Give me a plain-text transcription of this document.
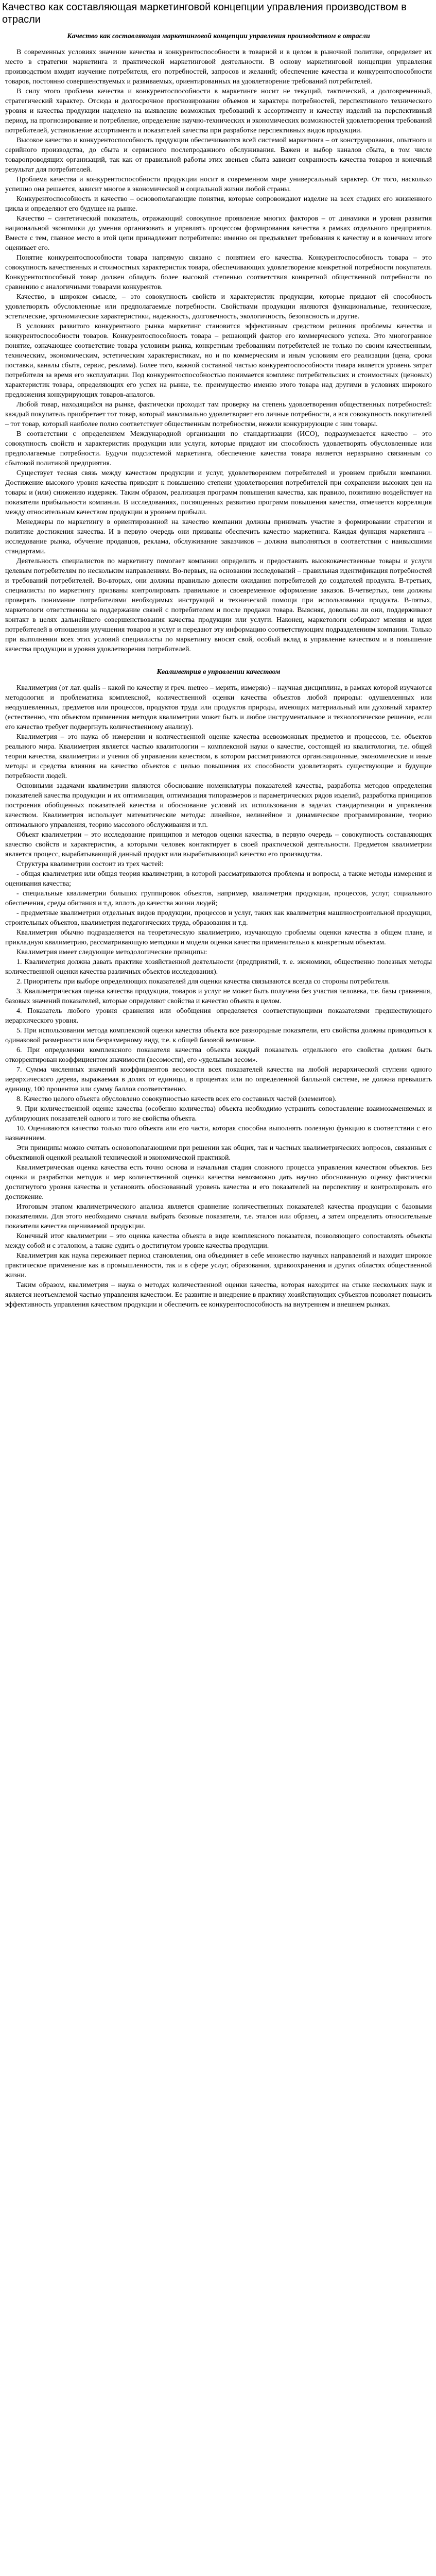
Качество как составляющая маркетинговой концепции управления производством в отрасли
Качество как составляющая маркетинговой концепции управления производством в отрасли

В современных условиях значение качества и конкурентоспособности в товарной и в целом в рыночной политике, определяет их место в стратегии маркетинга и практической маркетинговой деятельности. В основу маркетинговой концепции управления производством входит изучение потребителя, его потребностей, запросов и желаний; обеспечение качества и конкурентоспособности товаров, постоянно совершенствуемых и развиваемых, ориентированных на удовлетворение требований потребителей.

В силу этого проблема качества и конкурентоспособности в маркетинге носит не текущий, тактический, а долговременный, стратегический характер. Отсюда и долгосрочное прогнозирование объемов и характера потребностей, перспективного технического уровня и качества продукции нацелено на выявление возможных требований к ассортименту и качеству изделий на перспективный период, на прогнозирование и потребление, определение научно-технических и экономических возможностей удовлетворения требований потребителей, установление ассортимента и показателей качества при разработке перспективных видов продукции.

Высокое качество и конкурентоспособность продукции обеспечиваются всей системой маркетинга – от конструирования, опытного и серийного производства, до сбыта и сервисного послепродажного обслуживания. Важен и выбор каналов сбыта, в том числе товаропроводящих организаций, так как от правильной работы этих звеньев сбыта зависит сохранность качества товаров и конечный результат для потребителей.

Проблема качества и конкурентоспособности продукции носит в современном мире универсальный характер. От того, насколько успешно она решается, зависит многое в экономической и социальной жизни любой страны.

Конкурентоспособность и качество – основополагающие понятия, которые сопровождают изделие на всех стадиях его жизненного цикла и определяют его будущее на рынке.

Качество – синтетический показатель, отражающий совокупное проявление многих факторов – от динамики и уровня развития национальной экономики до умения организовать и управлять процессом формирования качества в рамках отдельного предприятия. Вместе с тем, главное место в этой цепи принадлежит потребителю: именно он предъявляет требования к качеству и в конечном итоге оценивает его.

Понятие конкурентоспособности товара напрямую связано с понятием его качества. Конкурентоспособность товара – это совокупность качественных и стоимостных характеристик товара, обеспечивающих удовлетворение конкретной потребности покупателя. Конкурентоспособный товар должен обладать более высокой степенью соответствия конкретной общественной потребности по сравнению с аналогичными товарами конкурентов.

Качество, в широком смысле, – это совокупность свойств и характеристик продукции, которые придают ей способность удовлетворять обусловленные или предполагаемые потребности. Свойствами продукции являются функциональные, технические, эстетические, эргономические характеристики, надежность, долговечность, экологичность, безопасность и другие.

В условиях развитого конкурентного рынка маркетинг становится эффективным средством решения проблемы качества и конкурентоспособности товаров. Конкурентоспособность товара – решающий фактор его коммерческого успеха. Это многогранное понятие, означающее соответствие товара условиям рынка, конкретным требованиям потребителей не только по своим качественным, техническим, экономическим, эстетическим характеристикам, но и по коммерческим и иным условиям его реализации (цена, сроки поставки, каналы сбыта, сервис, реклама). Более того, важной составной частью конкурентоспособности товара является уровень затрат потребителя за время его эксплуатации. Под конкурентоспособностью понимается комплекс потребительских и стоимостных (ценовых) характеристик товара, определяющих его успех на рынке, т.е. преимущество именно этого товара над другими в условиях широкого предложения конкурирующих товаров-аналогов.

Любой товар, находящийся на рынке, фактически проходит там проверку на степень удовлетворения общественных потребностей: каждый покупатель приобретает тот товар, который максимально удовлетворяет его личные потребности, а вся совокупность покупателей – тот товар, который наиболее полно соответствует общественным потребностям, нежели конкурирующие с ним товары.

В соответствии с определением Международной организации по стандартизации (ИСО), подразумевается качество – это совокупность свойств и характеристик продукции или услуги, которые придают им способность удовлетворять обусловленные или предполагаемые потребности. Будучи подсистемой маркетинга, обеспечение качества товара является неразрывно связанным со сбытовой политикой предприятия.

Существует тесная связь между качеством продукции и услуг, удовлетворением потребителей и уровнем прибыли компании. Достижение высокого уровня качества приводит к повышению степени удовлетворения потребителей при сохранении высоких цен на товары и (или) снижению издержек. Таким образом, реализация программ повышения качества, как правило, позитивно воздействует на показатели прибыльности компании. В исследованиях, посвященных развитию программ повышения качества, отмечается корреляция между относительным качеством продукции и уровнем прибыли.

Менеджеры по маркетингу в ориентированной на качество компании должны принимать участие в формировании стратегии и политике достижения качества. И в первую очередь они призваны обеспечить качество маркетинга. Каждая функция маркетинга – исследование рынка, обучение продавцов, реклама, обслуживание заказчиков – должна выполняться в соответствии с наивысшими стандартами.

Деятельность специалистов по маркетингу помогает компании определить и предоставить высококачественные товары и услуги целевым потребителям по нескольким направлениям. Во-первых, на основании исследований – правильная идентификация потребностей и требований потребителей. Во-вторых, они должны правильно донести ожидания потребителей до создателей продукта. В-третьих, специалисты по маркетингу призваны контролировать правильное и своевременное оформление заказов. В-четвертых, они должны проверять понимание потребителями необходимых инструкций и технической помощи при использовании продукта. В-пятых, маркетологи ответственны за поддержание связей с потребителем и после продажи товара. Выясняя, довольны ли они, поддерживают контакт в целях дальнейшего совершенствования качества продукции или услуги. Наконец, маркетологи собирают мнения и идеи потребителей в отношении улучшения товаров и услуг и передают эту информацию соответствующим подразделениям компании. Только при выполнении всех этих условий специалисты по маркетингу вносят свой, особый вклад в управление качеством и в повышение качества продукции и уровня удовлетворения потребителей.

Квалиметрия в управлении качеством

Квалиметрия (от лат. qualis – какой по качеству и греч. metreo – мерить, измеряю) – научная дисциплина, в рамках которой изучаются методология и проблематика комплексной, количественной оценки качества объектов любой природы: одушевленных или неодушевленных, предметов или процессов, продуктов труда или продуктов природы, имеющих материальный или духовный характер (естественно, что объектом применения методов квалиметрии может быть и любое инструментальное и технологическое решение, если его качество требует подвергнуть количественному анализу).

Квалиметрия – это наука об измерении и количественной оценке качества всевозможных предметов и процессов, т.е. объектов реального мира. Квалиметрия является частью квалитологии – комплексной науки о качестве, состоящей из квалитологии, т.е. общей теории качества, квалиметрии и учения об управлении качеством, в котором рассматриваются организационные, экономические и иные методы и средства влияния на качество объектов с целью повышения их способности удовлетворять существующие и будущие потребности людей.

Основными задачами квалиметрии являются обоснование номенклатуры показателей качества, разработка методов определения показателей качества продукции и их оптимизация, оптимизация типоразмеров и параметрических рядов изделий, разработка принципов построения обобщенных показателей качества и обоснование условий их использования в задачах стандартизации и управления качеством. Квалиметрия использует математические методы: линейное, нелинейное и динамическое программирование, теорию оптимального управления, теорию массового обслуживания и т.п.

Объект квалиметрии – это исследование принципов и методов оценки качества, в первую очередь – совокупность составляющих качество свойств и характеристик, а которыми человек контактирует в своей практической деятельности. Предметом квалиметрии является процесс, вырабатывающий данный продукт или вырабатывающий качество его производства.

Структура квалиметрии состоит из трех частей:

- общая квалиметрия или общая теория квалиметрии, в которой рассматриваются проблемы и вопросы, а также методы измерения и оценивания качества;

- специальные квалиметрии больших группировок объектов, например, квалиметрия продукции, процессов, услуг, социального обеспечения, среды обитания и т.д. вплоть до качества жизни людей;

- предметные квалиметрии отдельных видов продукции, процессов и услуг, таких как квалиметрия машиностроительной продукции, строительных объектов, квалиметрия педагогических труда, образования и т.д.

Квалиметрия обычно подразделяется на теоретическую квалиметрию, изучающую проблемы оценки качества в общем плане, и прикладную квалиметрию, рассматривающую методики и модели оценки качества применительно к конкретным объектам.

Квалиметрия имеет следующие методологические принципы:

1. Квалиметрия должна давать практике хозяйственной деятельности (предприятий, т. е. экономики, общественно полезных методы количественной оценки качества различных объектов исследования).

2. Приоритеты при выборе определяющих показателей для оценки качества связываются всегда со стороны потребителя.

3. Квалиметрическая оценка качества продукции, товаров и услуг не может быть получена без участия человека, т.е. базы сравнения, базовых значений показателей, которые определяют свойства и качество объекта в целом.

4. Показатель любого уровня сравнения или обобщения определяется соответствующими показателями предшествующего иерархического уровня.

5. При использовании метода комплексной оценки качества объекта все разнородные показатели, его свойства должны приводиться к одинаковой размерности или безразмерному виду, т.е. к общей базовой величине.

6. При определении комплексного показателя качества объекта каждый показатель отдельного его свойства должен быть откорректирован коэффициентом значимости (весомости), его «удельным весом».

7. Сумма численных значений коэффициентов весомости всех показателей качества на любой иерархической ступени одного иерархического дерева, выражаемая в долях от единицы, в процентах или по определенной балльной системе, не должна превышать единицу, 100 процентов или сумму баллов соответственно.

8. Качество целого объекта обусловлено совокупностью качеств всех его составных частей (элементов).

9. При количественной оценке качества (особенно количества) объекта необходимо устранить сопоставление взаимозаменяемых и дублирующих показателей одного и того же свойства объекта.

10. Оцениваются качество только того объекта или его части, которая способна выполнять полезную функцию в соответствии с его назначением.

Эти принципы можно считать основополагающими при решении как общих, так и частных квалиметрических вопросов, связанных с объективной оценкой реальной технической и экономической практикой.

Квалиметрическая оценка качества есть точно основа и начальная стадия сложного процесса управления качеством объектов. Без оценки и разработки методов и мер количественной оценки качества невозможно дать научно обоснованную оценку фактически достигнутого уровня качества и установить обоснованный уровень качества и его показателей на перспективу и контролировать его достижение.

Итоговым этапом квалиметрического анализа является сравнение количественных показателей качества продукции с базовыми показателями. Для этого необходимо сначала выбрать базовые показатели, т.е. эталон или образец, а затем определить относительные показатели качества оцениваемой продукции.

Конечный итог квалиметрии – это оценка качества объекта в виде комплексного показателя, позволяющего сопоставлять объекты между собой и с эталоном, а также судить о достигнутом уровне качества продукции.

Квалиметрия как наука переживает период становления, она объединяет в себе множество научных направлений и находит широкое практическое применение как в промышленности, так и в сфере услуг, образования, здравоохранения и других областях общественной жизни.

Таким образом, квалиметрия – наука о методах количественной оценки качества, которая находится на стыке нескольких наук и является неотъемлемой частью управления качеством. Ее развитие и внедрение в практику хозяйствующих субъектов позволяет повысить эффективность управления качеством продукции и обеспечить ее конкурентоспособность на внутреннем и внешнем рынках.
